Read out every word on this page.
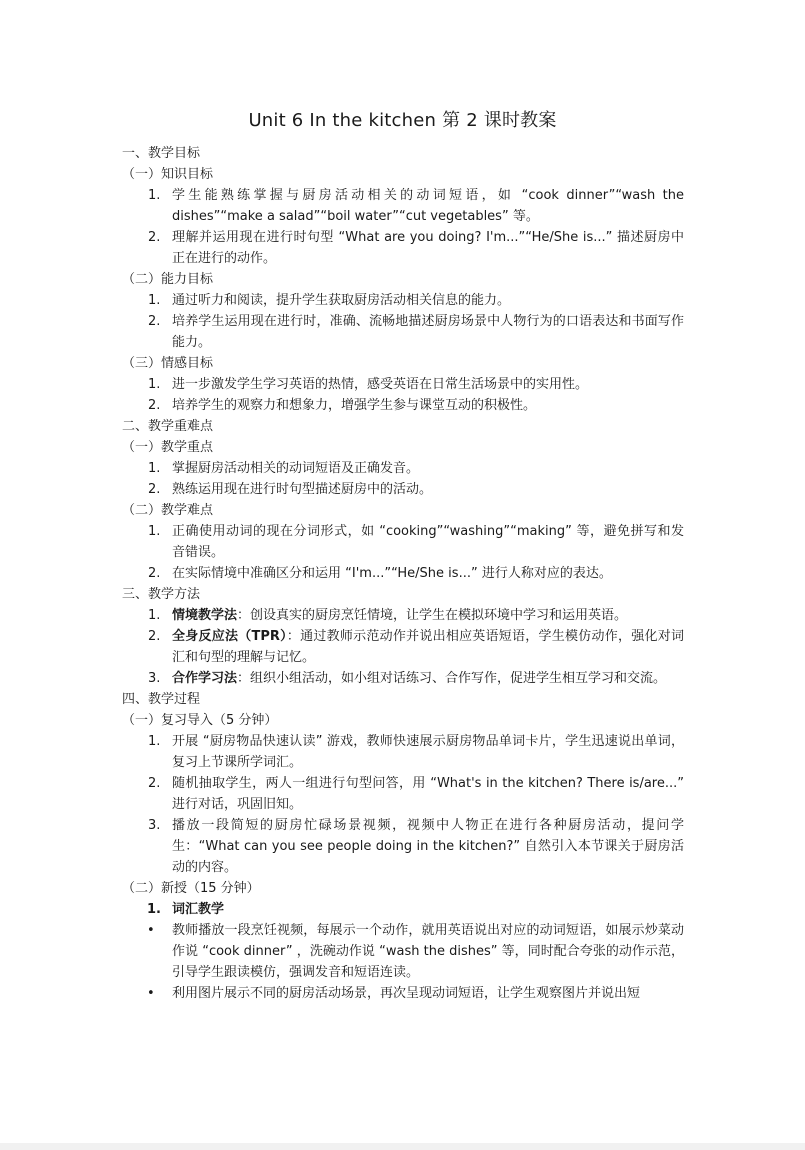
Unit 6 In the kitchen 第 2 课时教案
一、教学目标
（一）知识目标
1. 学生能熟练掌握与厨房活动相关的动词短语，如 “cook dinner”“wash the dishes”“make a salad”“boil water”“cut vegetables” 等。
2. 理解并运用现在进行时句型 “What are you doing? I'm...”“He/She is...” 描述厨房中正在进行的动作。
（二）能力目标
1. 通过听力和阅读，提升学生获取厨房活动相关信息的能力。
2. 培养学生运用现在进行时，准确、流畅地描述厨房场景中人物行为的口语表达和书面写作能力。
（三）情感目标
1. 进一步激发学生学习英语的热情，感受英语在日常生活场景中的实用性。
2. 培养学生的观察力和想象力，增强学生参与课堂互动的积极性。
二、教学重难点
（一）教学重点
1. 掌握厨房活动相关的动词短语及正确发音。
2. 熟练运用现在进行时句型描述厨房中的活动。
（二）教学难点
1. 正确使用动词的现在分词形式，如 “cooking”“washing”“making” 等，避免拼写和发音错误。
2. 在实际情境中准确区分和运用 “I'm...”“He/She is...” 进行人称对应的表达。
三、教学方法
1. 情境教学法：创设真实的厨房烹饪情境，让学生在模拟环境中学习和运用英语。
2. 全身反应法（TPR）：通过教师示范动作并说出相应英语短语，学生模仿动作，强化对词汇和句型的理解与记忆。
3. 合作学习法：组织小组活动，如小组对话练习、合作写作，促进学生相互学习和交流。
四、教学过程
（一）复习导入（5 分钟）
1. 开展 “厨房物品快速认读” 游戏，教师快速展示厨房物品单词卡片，学生迅速说出单词，复习上节课所学词汇。
2. 随机抽取学生，两人一组进行句型问答，用 “What's in the kitchen? There is/are...” 进行对话，巩固旧知。
3. 播放一段简短的厨房忙碌场景视频，视频中人物正在进行各种厨房活动，提问学生：“What can you see people doing in the kitchen?” 自然引入本节课关于厨房活动的内容。
（二）新授（15 分钟）
1. 词汇教学
•	教师播放一段烹饪视频，每展示一个动作，就用英语说出对应的动词短语，如展示炒菜动作说 “cook dinner” ，洗碗动作说 “wash the dishes” 等，同时配合夸张的动作示范，引导学生跟读模仿，强调发音和短语连读。
•	利用图片展示不同的厨房活动场景，再次呈现动词短语，让学生观察图片并说出短
